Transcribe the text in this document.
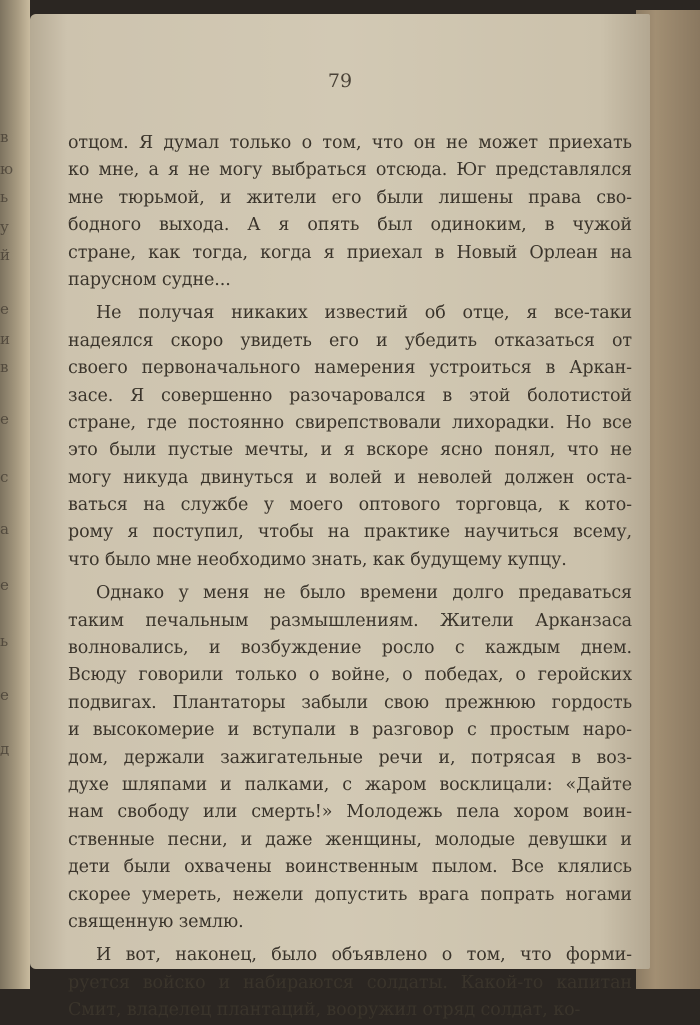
в
ю
ь
у
й
е
и
в
е
с
а
е
ь
е
д
79
отцом. Я думал только о том, что он не может приехать
ко мне, а я не могу выбраться отсюда. Юг представлялся
мне тюрьмой, и жители его были лишены права сво-
бодного выхода. А я опять был одиноким, в чужой
стране, как тогда, когда я приехал в Новый Орлеан на
парусном судне...
Не получая никаких известий об отце, я все-таки
надеялся скоро увидеть его и убедить отказаться от
своего первоначального намерения устроиться в Аркан-
засе. Я совершенно разочаровался в этой болотистой
стране, где постоянно свирепствовали лихорадки. Но все
это были пустые мечты, и я вскоре ясно понял, что не
могу никуда двинуться и волей и неволей должен оста-
ваться на службе у моего оптового торговца, к кото-
рому я поступил, чтобы на практике научиться всему,
что было мне необходимо знать, как будущему купцу.
Однако у меня не было времени долго предаваться
таким печальным размышлениям. Жители Арканзаса
волновались, и возбуждение росло с каждым днем.
Всюду говорили только о войне, о победах, о геройских
подвигах. Плантаторы забыли свою прежнюю гордость
и высокомерие и вступали в разговор с простым наро-
дом, держали зажигательные речи и, потрясая в воз-
духе шляпами и палками, с жаром восклицали: «Дайте
нам свободу или смерть!» Молодежь пела хором воин-
ственные песни, и даже женщины, молодые девушки и
дети были охвачены воинственным пылом. Все клялись
скорее умереть, нежели допустить врага попрать ногами
священную землю.
И вот, наконец, было объявлено о том, что форми-
руется войско и набираются солдаты. Какой-то капитан
Смит, владелец плантаций, вооружил отряд солдат, ко-
